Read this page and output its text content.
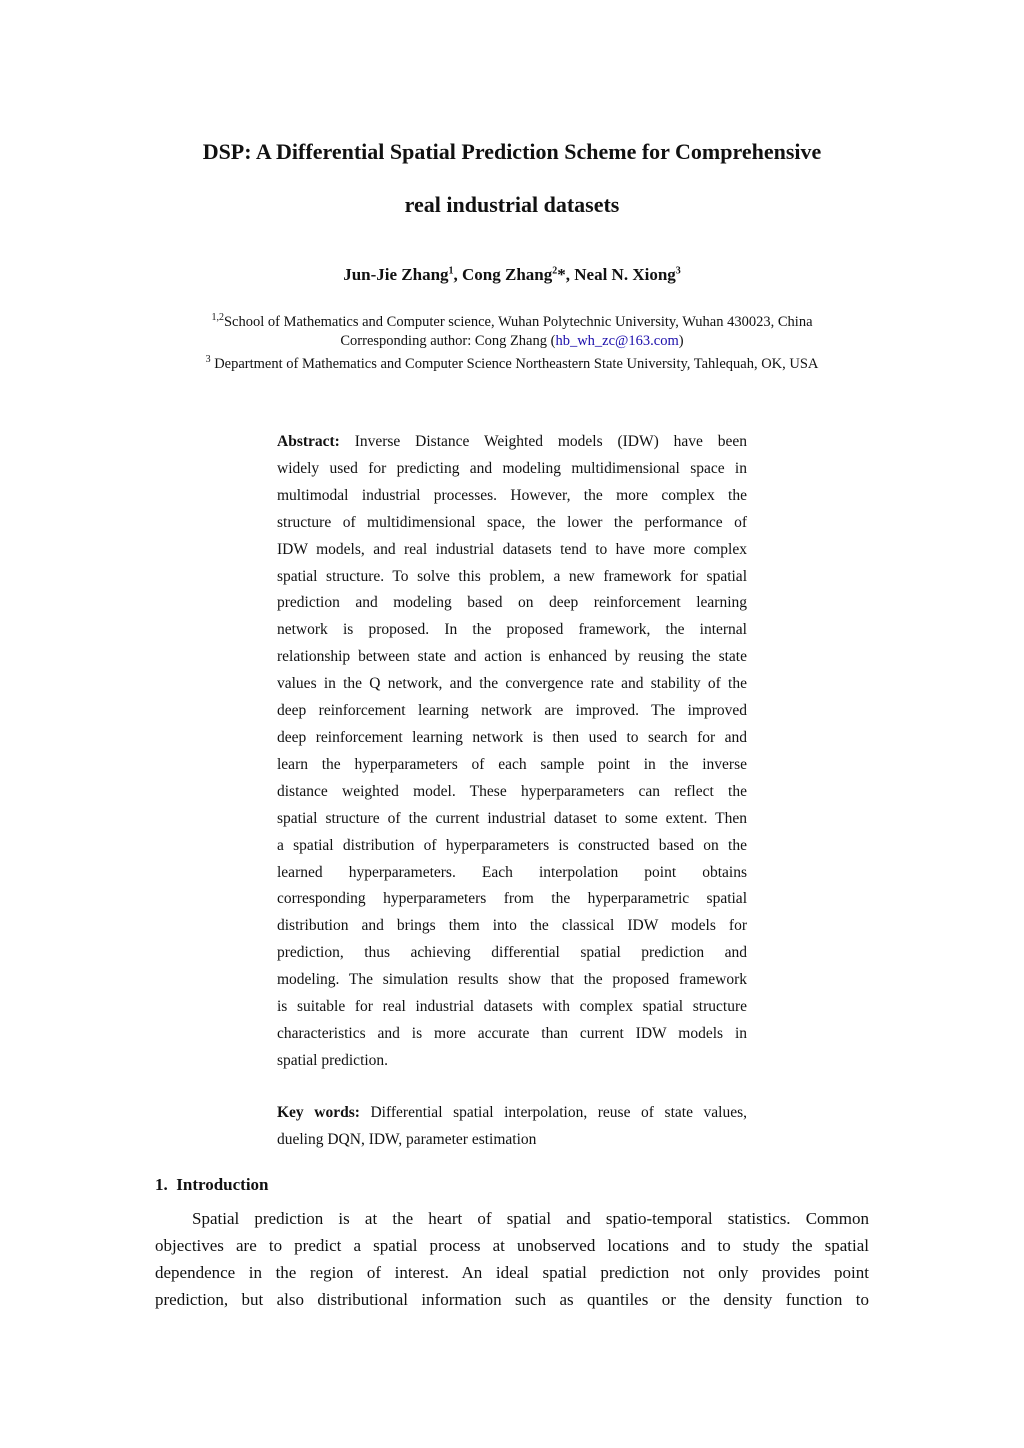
DSP: A Differential Spatial Prediction Scheme for Comprehensive
real industrial datasets
Jun-Jie Zhang$^1$, Cong Zhang$^2$*, Neal N. Xiong$^3$
$^{1,2}$School of Mathematics and Computer science, Wuhan Polytechnic University, Wuhan 430023, China
Corresponding author: Cong Zhang (hb_wh_zc@163.com)
$^3$ Department of Mathematics and Computer Science Northeastern State University, Tahlequah, OK, USA
Abstract: Inverse Distance Weighted models (IDW) have been
widely used for predicting and modeling multidimensional space in
multimodal industrial processes. However, the more complex the
structure of multidimensional space, the lower the performance of
IDW models, and real industrial datasets tend to have more complex
spatial structure. To solve this problem, a new framework for spatial
prediction and modeling based on deep reinforcement learning
network is proposed. In the proposed framework, the internal
relationship between state and action is enhanced by reusing the state
values in the Q network, and the convergence rate and stability of the
deep reinforcement learning network are improved. The improved
deep reinforcement learning network is then used to search for and
learn the hyperparameters of each sample point in the inverse
distance weighted model. These hyperparameters can reflect the
spatial structure of the current industrial dataset to some extent. Then
a spatial distribution of hyperparameters is constructed based on the
learned hyperparameters. Each interpolation point obtains
corresponding hyperparameters from the hyperparametric spatial
distribution and brings them into the classical IDW models for
prediction, thus achieving differential spatial prediction and
modeling. The simulation results show that the proposed framework
is suitable for real industrial datasets with complex spatial structure
characteristics and is more accurate than current IDW models in
spatial prediction.
Key words: Differential spatial interpolation, reuse of state values,
dueling DQN, IDW, parameter estimation
1. Introduction
Spatial prediction is at the heart of spatial and spatio-temporal statistics. Common
objectives are to predict a spatial process at unobserved locations and to study the spatial
dependence in the region of interest. An ideal spatial prediction not only provides point
prediction, but also distributional information such as quantiles or the density function to
